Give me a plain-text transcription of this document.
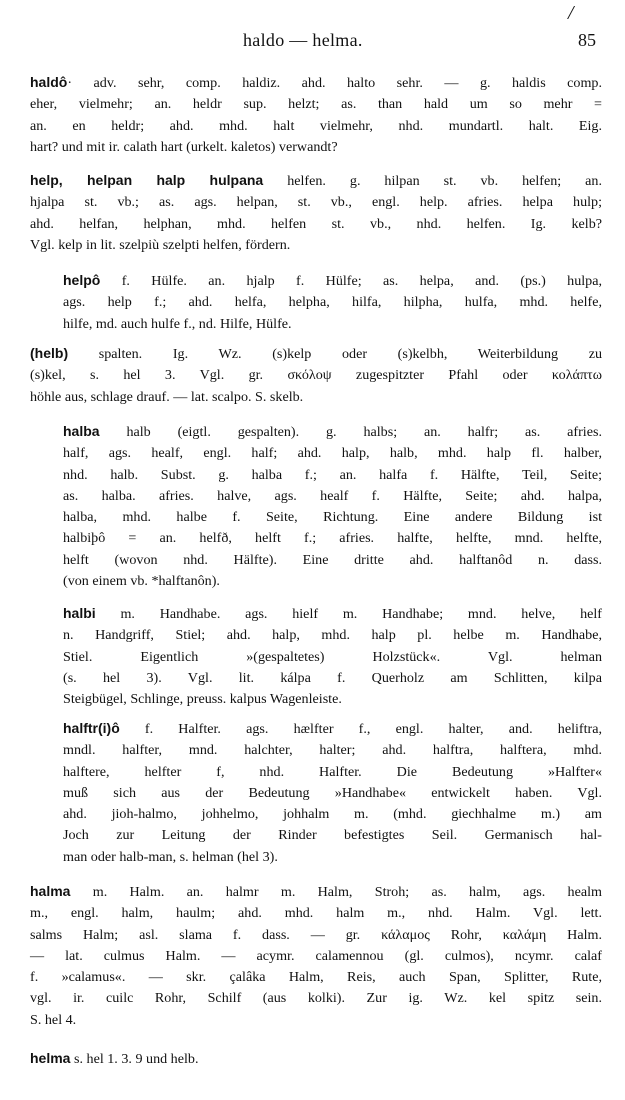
/
haldo — helma.	85
haldô· adv. sehr, comp. haldiz. ahd. halto sehr. — g. haldis comp.
eher, vielmehr; an. heldr sup. helzt; as. than hald um so mehr =
an. en heldr; ahd. mhd. halt vielmehr, nhd. mundartl. halt. Eig.
hart? und mit ir. calath hart (urkelt. kaletos) verwandt?
help, helpan halp hulpana helfen. g. hilpan st. vb. helfen; an.
hjalpa st. vb.; as. ags. helpan, st. vb., engl. help. afries. helpa hulp;
ahd. helfan, helphan, mhd. helfen st. vb., nhd. helfen. Ig. kelb?
Vgl. kelp in lit. szelpiù szelpti helfen, fördern.
helpô f. Hülfe. an. hjalp f. Hülfe; as. helpa, and. (ps.) hulpa,
ags. help f.; ahd. helfa, helpha, hilfa, hilpha, hulfa, mhd. helfe,
hilfe, md. auch hulfe f., nd. Hilfe, Hülfe.
(helb) spalten. Ig. Wz. (s)kelp oder (s)kelbh, Weiterbildung zu
(s)kel, s. hel 3. Vgl. gr. σκόλοψ zugespitzter Pfahl oder κολάπτω
höhle aus, schlage drauf. — lat. scalpo. S. skelb.
halba halb (eigtl. gespalten). g. halbs; an. halfr; as. afries.
half, ags. healf, engl. half; ahd. halp, halb, mhd. halp fl. halber,
nhd. halb. Subst. g. halba f.; an. halfa f. Hälfte, Teil, Seite;
as. halba. afries. halve, ags. healf f. Hälfte, Seite; ahd. halpa,
halba, mhd. halbe f. Seite, Richtung. Eine andere Bildung ist
halbiþô = an. helfð, helft f.; afries. halfte, helfte, mnd. helfte,
helft (wovon nhd. Hälfte). Eine dritte ahd. halftanôd n. dass.
(von einem vb. *halftanôn).
halbi m. Handhabe. ags. hielf m. Handhabe; mnd. helve, helf
n. Handgriff, Stiel; ahd. halp, mhd. halp pl. helbe m. Handhabe,
Stiel. Eigentlich »(gespaltetes) Holzstück«. Vgl. helman
(s. hel 3). Vgl. lit. kálpa f. Querholz am Schlitten, kilpa
Steigbügel, Schlinge, preuss. kalpus Wagenleiste.
halftr(i)ô f. Halfter. ags. hælfter f., engl. halter, and. heliftra,
mndl. halfter, mnd. halchter, halter; ahd. halftra, halftera, mhd.
halftere, helfter f, nhd. Halfter. Die Bedeutung »Halfter«
muß sich aus der Bedeutung »Handhabe« entwickelt haben. Vgl.
ahd. jioh-halmo, johhelmo, johhalm m. (mhd. giechhalme m.) am
Joch zur Leitung der Rinder befestigtes Seil. Germanisch hal-
man oder halb-man, s. helman (hel 3).
halma m. Halm. an. halmr m. Halm, Stroh; as. halm, ags. healm
m., engl. halm, haulm; ahd. mhd. halm m., nhd. Halm. Vgl. lett.
salms Halm; asl. slama f. dass. — gr. κάλαμος Rohr, καλάμη Halm.
— lat. culmus Halm. — acymr. calamennou (gl. culmos), ncymr. calaf
f. »calamus«. — skr. çalâka Halm, Reis, auch Span, Splitter, Rute,
vgl. ir. cuilc Rohr, Schilf (aus kolki). Zur ig. Wz. kel spitz sein.
S. hel 4.
helma s. hel 1. 3. 9 und helb.
